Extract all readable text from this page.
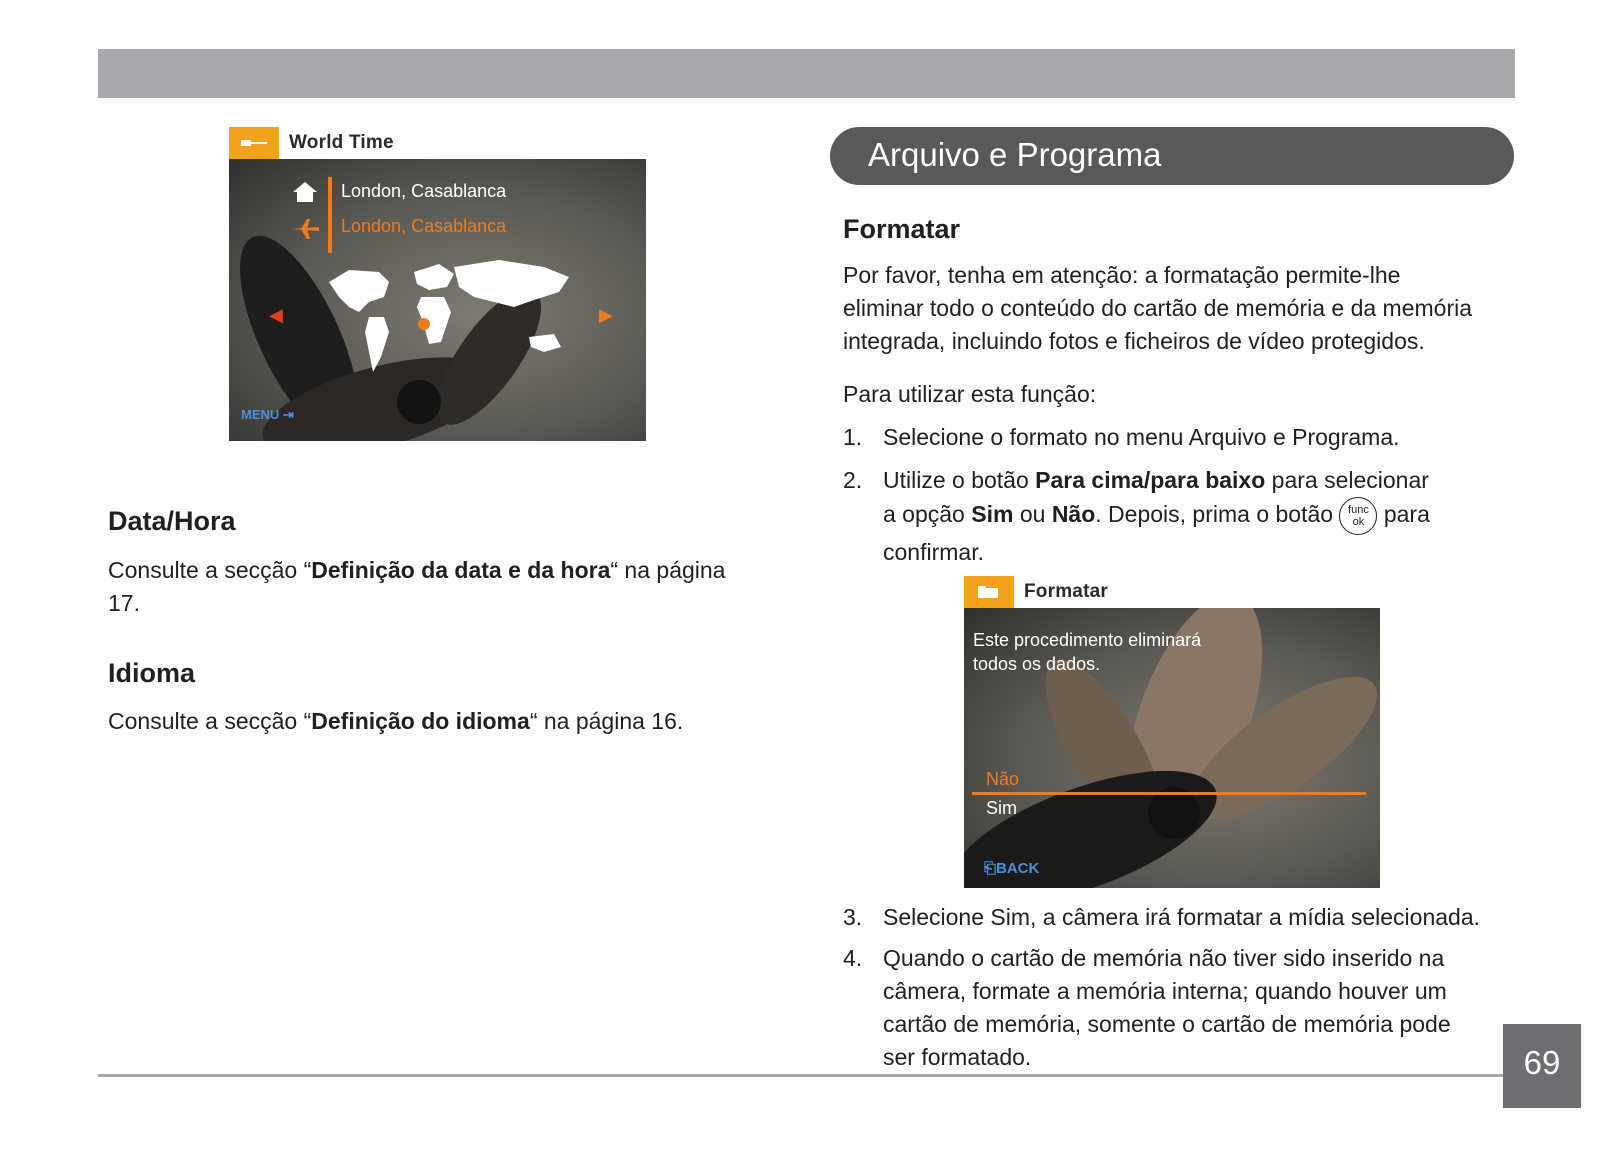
World Time
London, Casablanca
London, Casablanca
◀	▶
MENU ⇥
Data/Hora
Consulte a secção “Definição da data e da hora“ na página
17.
Idioma
Consulte a secção “Definição do idioma“ na página 16.
Arquivo e Programa
Formatar
Por favor, tenha em atenção: a formatação permite-lhe
eliminar todo o conteúdo do cartão de memória e da memória
integrada, incluindo fotos e ficheiros de vídeo protegidos.
Para utilizar esta função:
1. Selecione o formato no menu Arquivo e Programa.
2. Utilize o botão Para cima/para baixo para selecionar
a opção Sim ou Não. Depois, prima o botão func
ok para
confirmar.
Formatar
Este procedimento eliminará
todos os dados.
Não
Sim
⎗BACK
3. Selecione Sim, a câmera irá formatar a mídia selecionada.
4. Quando o cartão de memória não tiver sido inserido na
câmera, formate a memória interna; quando houver um
cartão de memória, somente o cartão de memória pode
ser formatado.	69
